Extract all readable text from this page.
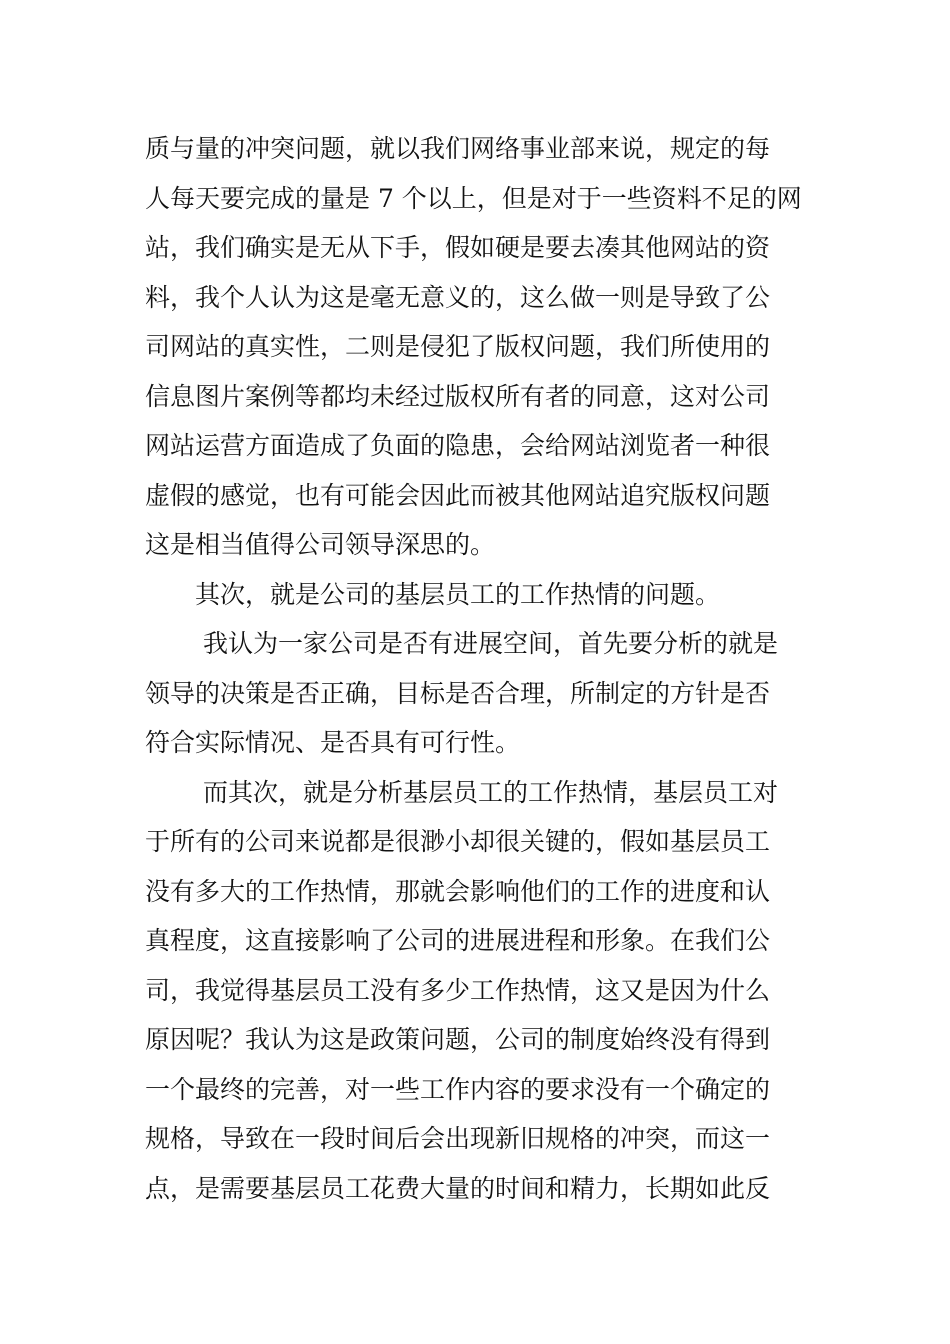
质与量的冲突问题，就以我们网络事业部来说，规定的每
人每天要完成的量是 7 个以上，但是对于一些资料不足的网
站，我们确实是无从下手，假如硬是要去凑其他网站的资
料，我个人认为这是毫无意义的，这么做一则是导致了公
司网站的真实性，二则是侵犯了版权问题，我们所使用的
信息图片案例等都均未经过版权所有者的同意，这对公司
网站运营方面造成了负面的隐患，会给网站浏览者一种很
虚假的感觉，也有可能会因此而被其他网站追究版权问题
这是相当值得公司领导深思的。
其次，就是公司的基层员工的工作热情的问题。
我认为一家公司是否有进展空间，首先要分析的就是
领导的决策是否正确，目标是否合理，所制定的方针是否
符合实际情况、是否具有可行性。
而其次，就是分析基层员工的工作热情，基层员工对
于所有的公司来说都是很渺小却很关键的，假如基层员工
没有多大的工作热情，那就会影响他们的工作的进度和认
真程度，这直接影响了公司的进展进程和形象。在我们公
司，我觉得基层员工没有多少工作热情，这又是因为什么
原因呢？我认为这是政策问题，公司的制度始终没有得到
一个最终的完善，对一些工作内容的要求没有一个确定的
规格，导致在一段时间后会出现新旧规格的冲突，而这一
点，是需要基层员工花费大量的时间和精力，长期如此反
